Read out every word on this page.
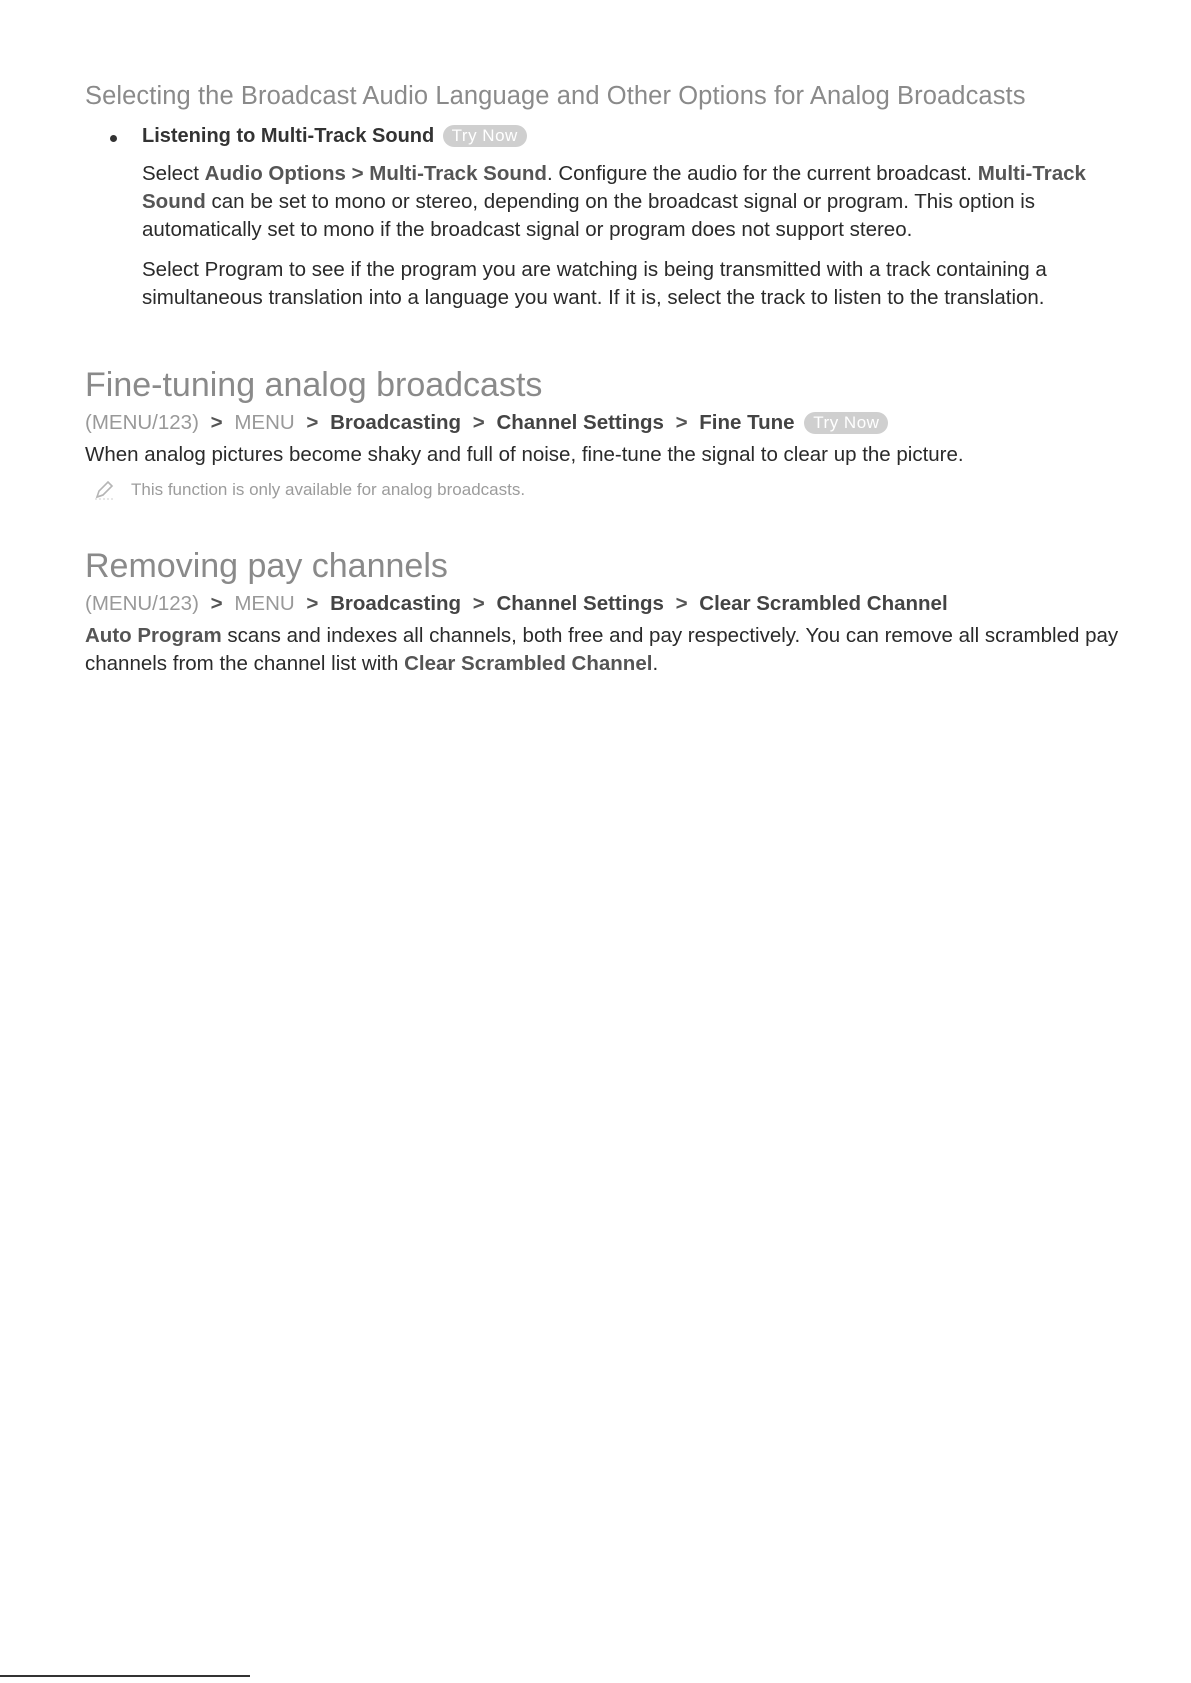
Selecting the Broadcast Audio Language and Other Options for Analog Broadcasts
Listening to Multi-Track Sound Try Now

Select Audio Options > Multi-Track Sound. Configure the audio for the current broadcast. Multi-Track Sound can be set to mono or stereo, depending on the broadcast signal or program. This option is automatically set to mono if the broadcast signal or program does not support stereo.

Select Program to see if the program you are watching is being transmitted with a track containing a simultaneous translation into a language you want. If it is, select the track to listen to the translation.

Fine-tuning analog broadcasts
(MENU/123) > MENU > Broadcasting > Channel Settings > Fine Tune Try Now

When analog pictures become shaky and full of noise, fine-tune the signal to clear up the picture.

This function is only available for analog broadcasts.
Removing pay channels
(MENU/123) > MENU > Broadcasting > Channel Settings > Clear Scrambled Channel

Auto Program scans and indexes all channels, both free and pay respectively. You can remove all scrambled pay channels from the channel list with Clear Scrambled Channel.
